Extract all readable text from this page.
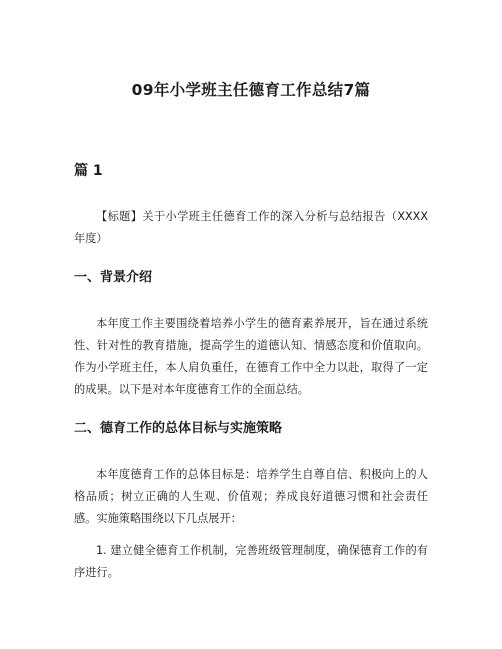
09年小学班主任德育工作总结7篇
篇 1

【标题】关于小学班主任德育工作的深入分析与总结报告（XXXX年度）

一、背景介绍

本年度工作主要围绕着培养小学生的德育素养展开，旨在通过系统性、针对性的教育措施，提高学生的道德认知、情感态度和价值取向。作为小学班主任，本人肩负重任，在德育工作中全力以赴，取得了一定的成果。以下是对本年度德育工作的全面总结。

二、德育工作的总体目标与实施策略

本年度德育工作的总体目标是：培养学生自尊自信、积极向上的人格品质；树立正确的人生观、价值观；养成良好道德习惯和社会责任感。实施策略围绕以下几点展开：

1. 建立健全德育工作机制，完善班级管理制度，确保德育工作的有序进行。
